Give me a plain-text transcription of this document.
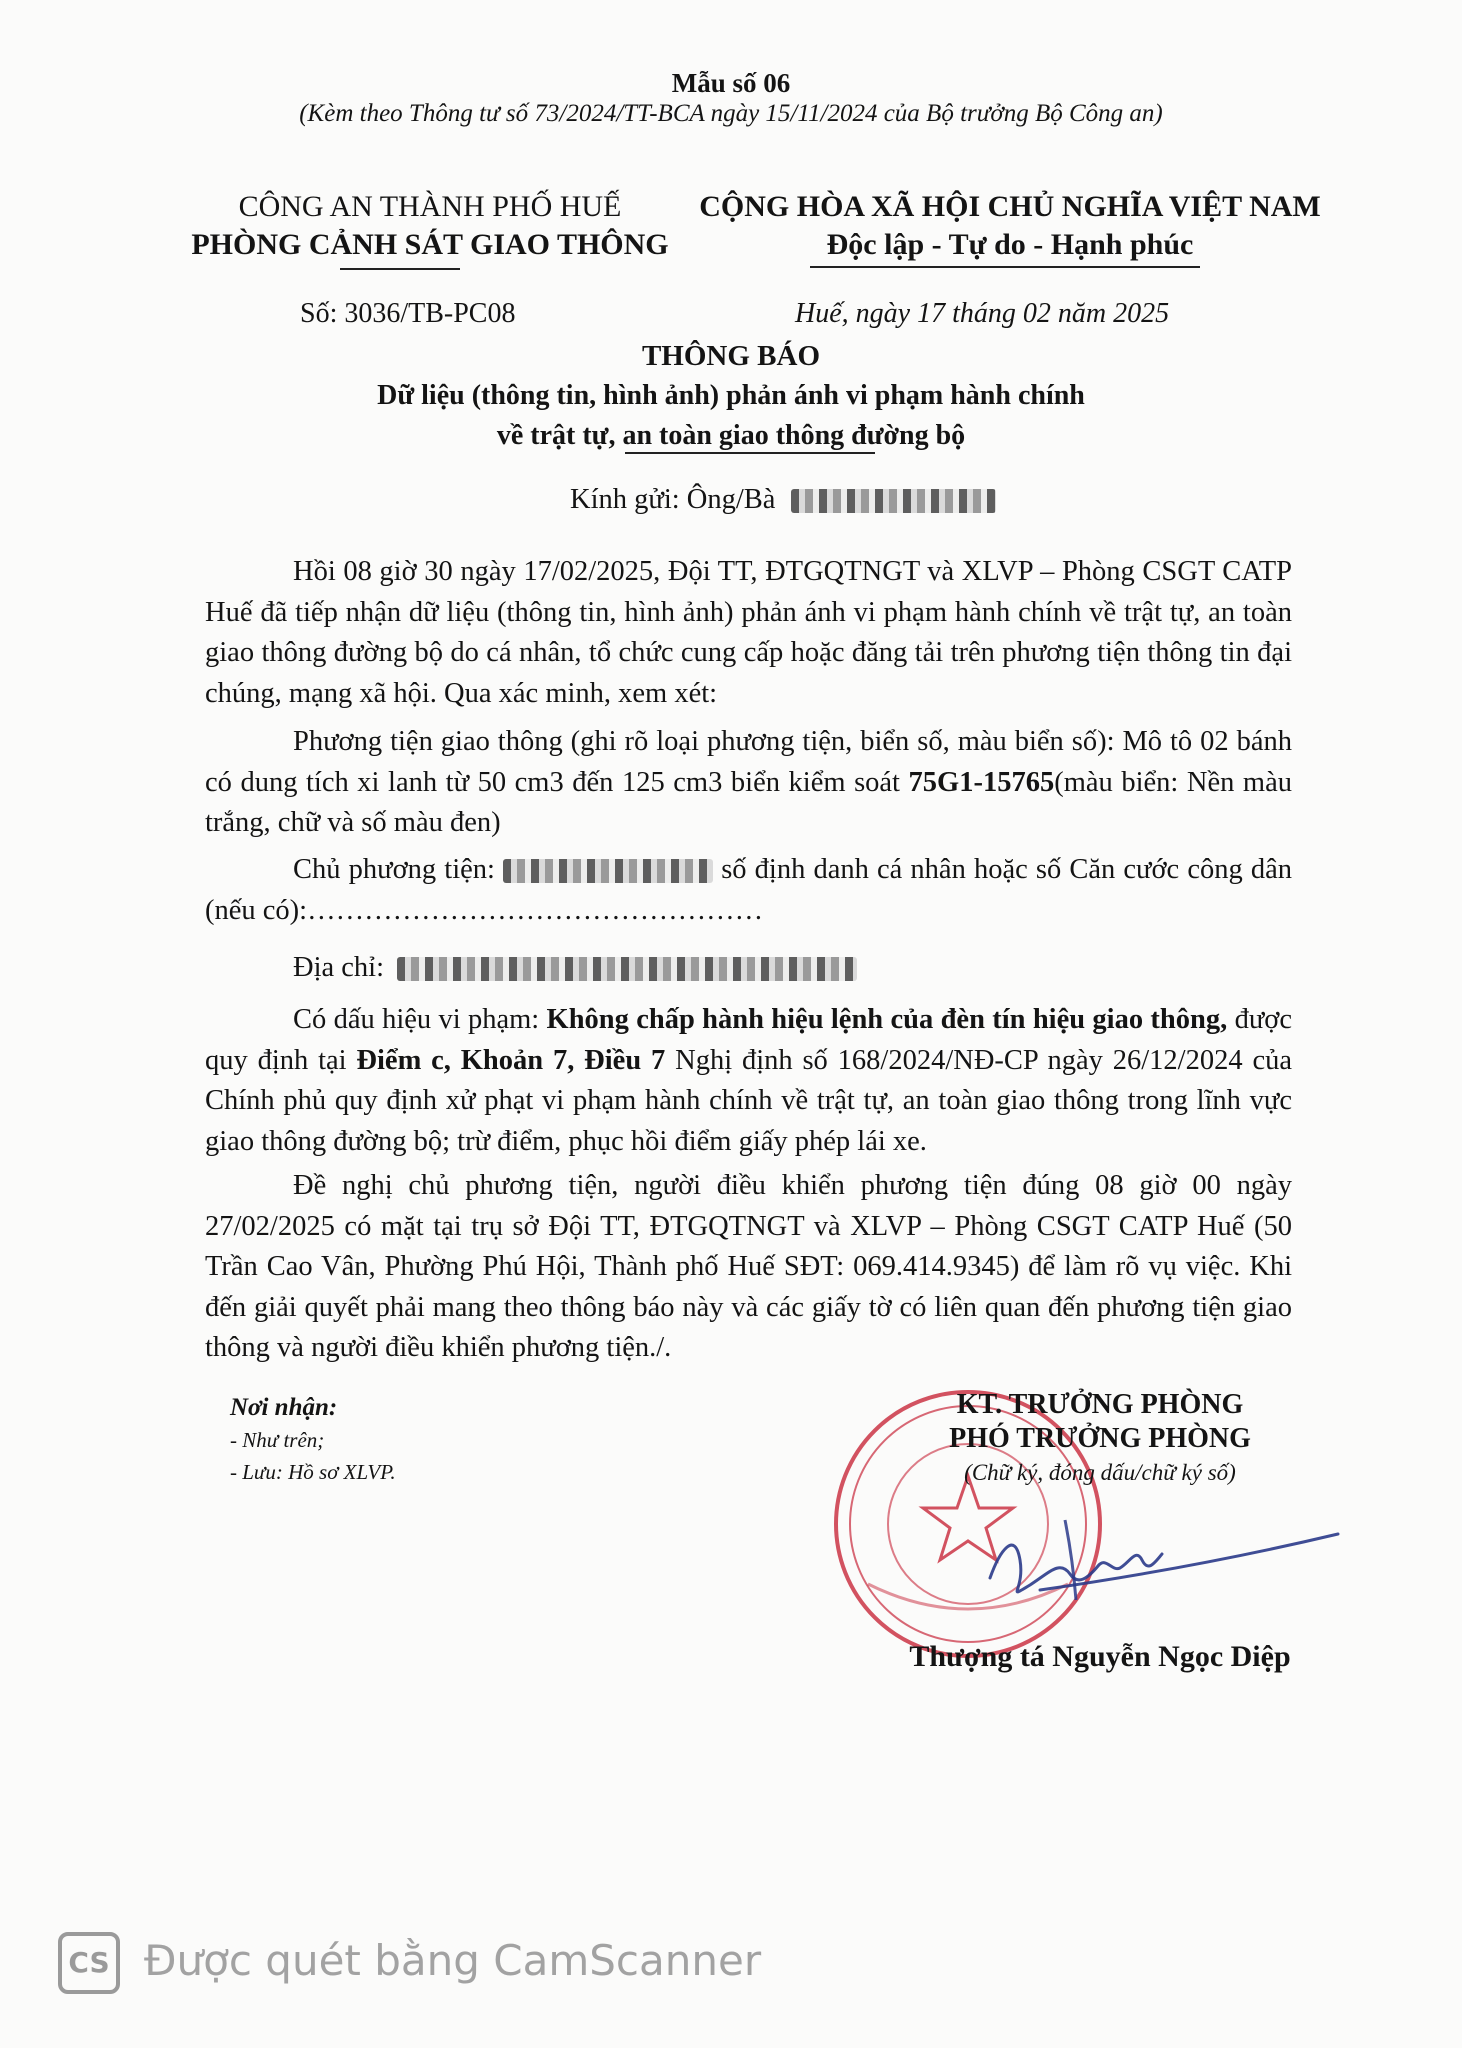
Mẫu số 06
(Kèm theo Thông tư số 73/2024/TT-BCA ngày 15/11/2024 của Bộ trưởng Bộ Công an)
CÔNG AN THÀNH PHỐ HUẾ
PHÒNG CẢNH SÁT GIAO THÔNG
CỘNG HÒA XÃ HỘI CHỦ NGHĨA VIỆT NAM
Độc lập - Tự do - Hạnh phúc
Số: 3036/TB-PC08	Huế, ngày 17 tháng 02 năm 2025
THÔNG BÁO
Dữ liệu (thông tin, hình ảnh) phản ánh vi phạm hành chính
về trật tự, an toàn giao thông đường bộ
Kính gửi: Ông/Bà
Hồi 08 giờ 30 ngày 17/02/2025, Đội TT, ĐTGQTNGT và XLVP – Phòng CSGT CATP Huế đã tiếp nhận dữ liệu (thông tin, hình ảnh) phản ánh vi phạm hành chính về trật tự, an toàn giao thông đường bộ do cá nhân, tổ chức cung cấp hoặc đăng tải trên phương tiện thông tin đại chúng, mạng xã hội. Qua xác minh, xem xét:
Phương tiện giao thông (ghi rõ loại phương tiện, biển số, màu biển số): Mô tô 02 bánh có dung tích xi lanh từ 50 cm3 đến 125 cm3 biển kiểm soát 75G1-15765(màu biển: Nền màu trắng, chữ và số màu đen)
Chủ phương tiện:	số định danh cá nhân hoặc số Căn cước công dân (nếu có):…………………………………………
Địa chỉ:
Có dấu hiệu vi phạm: Không chấp hành hiệu lệnh của đèn tín hiệu giao thông, được quy định tại Điểm c, Khoản 7, Điều 7 Nghị định số 168/2024/NĐ-CP ngày 26/12/2024 của Chính phủ quy định xử phạt vi phạm hành chính về trật tự, an toàn giao thông trong lĩnh vực giao thông đường bộ; trừ điểm, phục hồi điểm giấy phép lái xe.
Đề nghị chủ phương tiện, người điều khiển phương tiện đúng 08 giờ 00 ngày 27/02/2025 có mặt tại trụ sở Đội TT, ĐTGQTNGT và XLVP – Phòng CSGT CATP Huế (50 Trần Cao Vân, Phường Phú Hội, Thành phố Huế SĐT: 069.414.9345) để làm rõ vụ việc. Khi đến giải quyết phải mang theo thông báo này và các giấy tờ có liên quan đến phương tiện giao thông và người điều khiển phương tiện./.
Nơi nhận:
- Như trên;
- Lưu: Hồ sơ XLVP.
KT. TRƯỞNG PHÒNG
PHÓ TRƯỞNG PHÒNG
(Chữ ký, đóng dấu/chữ ký số)
Thượng tá Nguyễn Ngọc Diệp
CS Được quét bằng CamScanner
